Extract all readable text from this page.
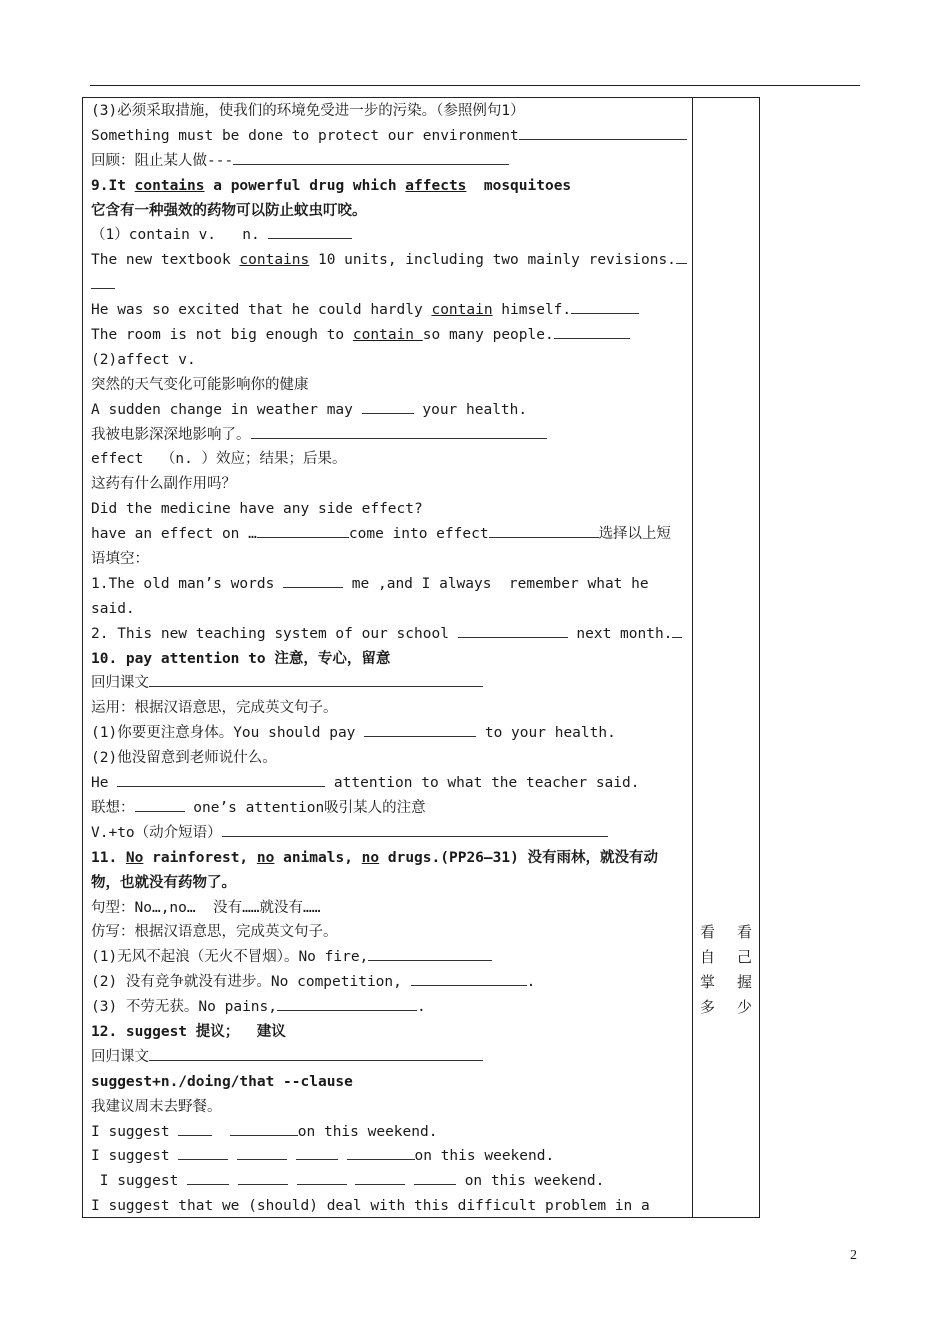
(3)必须采取措施，使我们的环境免受进一步的污染。（参照例句1）
Something must be done to protect our environment
回顾：阻止某人做---
9.It contains a powerful drug which affects  mosquitoes
它含有一种强效的药物可以防止蚊虫叮咬。
（1）contain v.   n.
The new textbook contains 10 units, including two mainly revisions.
He was so excited that he could hardly contain himself.
The room is not big enough to contain so many people.
(2)affect v.
突然的天气变化可能影响你的健康
A sudden change in weather may	your health.
我被电影深深地影响了。
effect  （n. ）效应；结果；后果。
这药有什么副作用吗？
Did the medicine have any side effect?
have an effect on …	come into effect	选择以上短
语填空：
1.The old man’s words	me ,and I always  remember what he
said.
2. This new teaching system of our school	next month.
10. pay attention to 注意，专心，留意
回归课文
运用：根据汉语意思，完成英文句子。
(1)你要更注意身体。You should pay	to your health.
(2)他没留意到老师说什么。
He	attention to what the teacher said.
联想：	one’s attention吸引某人的注意
V.+to（动介短语）
11. No rainforest, no animals, no drugs.(PP26—31) 没有雨林，就没有动
物，也就没有药物了。
句型：No…,no…  没有……就没有……
仿写：根据汉语意思，完成英文句子。
(1)无风不起浪（无火不冒烟）。No fire,
(2) 没有竞争就没有进步。No competition,	.
(3) 不劳无获。No pains,	.
12. suggest 提议；  建议
回归课文
suggest+n./doing/that --clause
我建议周末去野餐。
I suggest	on this weekend.
I suggest	on this weekend.
I suggest	on this weekend.
I suggest that we (should) deal with this difficult problem in a
看 看
自 己
掌 握
多 少
2
